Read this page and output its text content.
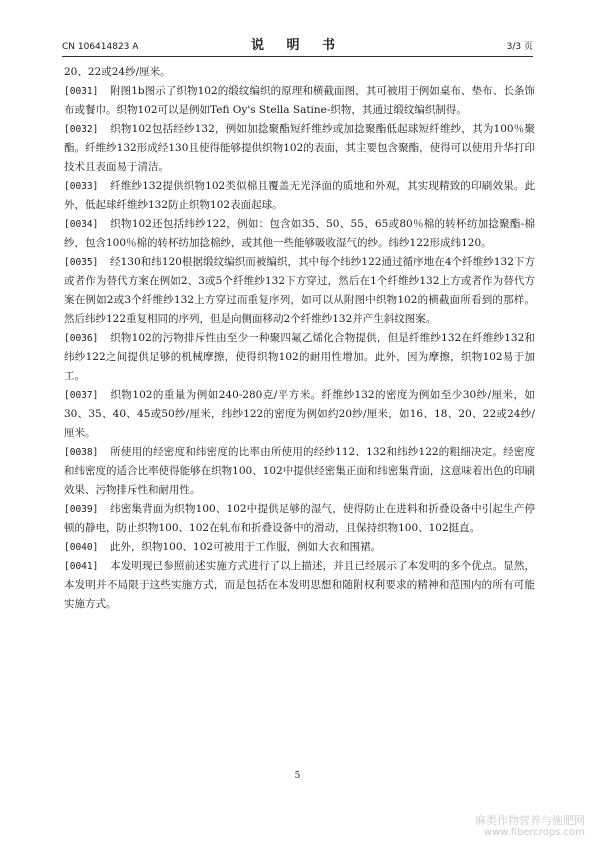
CN 106414823 A	说 明 书	3/3 页

20、22或24纱/厘米。

[0031] 附图1b图示了织物102的缎纹编织的原理和横截面图，其可被用于例如桌布、垫布、长条饰布或餐巾。织物102可以是例如Tefi Oy's Stella Satine-织物，其通过缎纹编织制得。

[0032] 织物102包括经纱132，例如加捻聚酯短纤维纱或加捻聚酯低起球短纤维纱，其为100％聚酯。纤维纱132形成经130且使得能够提供织物102的表面，其主要包含聚酯，使得可以使用升华打印技术且表面易于清洁。

[0033] 纤维纱132提供织物102类似棉且覆盖无光泽面的质地和外观，其实现精致的印刷效果。此外，低起球纤维纱132防止织物102表面起球。

[0034] 织物102还包括纬纱122，例如：包含如35、50、55、65或80％棉的转杯纺加捻聚酯-棉纱，包含100％棉的转杯纺加捻棉纱，或其他一些能够吸收湿气的纱。纬纱122形成纬120。

[0035] 经130和纬120根据缎纹编织而被编织，其中每个纬纱122通过循序地在4个纤维纱132下方或者作为替代方案在例如2、3或5个纤维纱132下方穿过，然后在1个纤维纱132上方或者作为替代方案在例如2或3个纤维纱132上方穿过而重复序列，如可以从附图中织物102的横截面所看到的那样。然后纬纱122重复相同的序列，但是向侧面移动2个纤维纱132并产生斜纹图案。

[0036] 织物102的污物排斥性由至少一种聚四氟乙烯化合物提供，但是纤维纱132在纤维纱132和纬纱122之间提供足够的机械摩擦，使得织物102的耐用性增加。此外，因为摩擦，织物102易于加工。

[0037] 织物102的重量为例如240-280克/平方米。纤维纱132的密度为例如至少30纱/厘米，如30、35、40、45或50纱/厘米，纬纱122的密度为例如约20纱/厘米，如16、18、20、22或24纱/厘米。

[0038] 所使用的经密度和纬密度的比率由所使用的经纱112、132和纬纱122的粗细决定。经密度和纬密度的适合比率使得能够在织物100、102中提供经密集正面和纬密集背面，这意味着出色的印刷效果、污物排斥性和耐用性。

[0039] 纬密集背面为织物100、102中提供足够的湿气，使得防止在进料和折叠设备中引起生产停顿的静电，防止织物100、102在轧布和折叠设备中的滑动，且保持织物100、102挺直。

[0040] 此外，织物100、102可被用于工作服，例如大衣和围裙。

[0041] 本发明现已参照前述实施方式进行了以上描述，并且已经展示了本发明的多个优点。显然，本发明并不局限于这些实施方式，而是包括在本发明思想和随附权利要求的精神和范围内的所有可能实施方式。

5
麻类作物营养与施肥网
www.fibercrops.com
